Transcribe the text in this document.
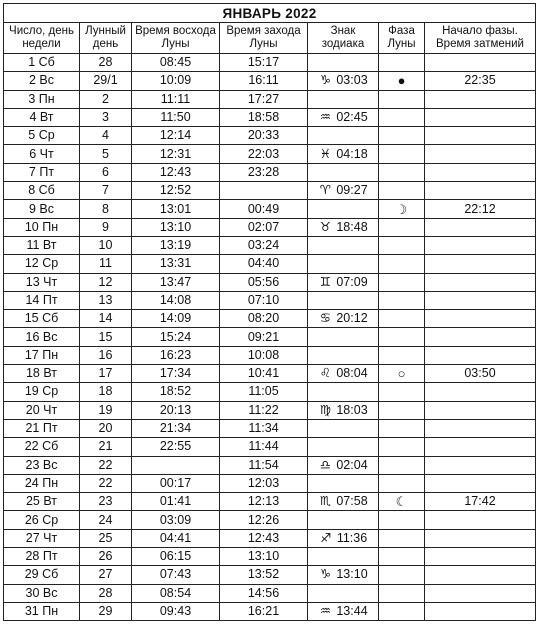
ЯНВАРЬ 2022						
Число, день недели	Лунный день	Время восхода Луны	Время захода Луны	Знак зодиака	Фаза Луны	Начало фазы. Время затмений
1 Сб	28	08:45	15:17			
2 Вс	29/1	10:09	16:11	♑ 03:03	●	22:35
3 Пн	2	11:11	17:27			
4 Вт	3	11:50	18:58	♒ 02:45		
5 Ср	4	12:14	20:33			
6 Чт	5	12:31	22:03	♓ 04:18		
7 Пт	6	12:43	23:28			
8 Сб	7	12:52		♈ 09:27		
9 Вс	8	13:01	00:49		☽	22:12
10 Пн	9	13:10	02:07	♉ 18:48		
11 Вт	10	13:19	03:24			
12 Ср	11	13:31	04:40			
13 Чт	12	13:47	05:56	♊ 07:09		
14 Пт	13	14:08	07:10			
15 Сб	14	14:09	08:20	♋ 20:12		
16 Вс	15	15:24	09:21			
17 Пн	16	16:23	10:08			
18 Вт	17	17:34	10:41	♌ 08:04	○	03:50
19 Ср	18	18:52	11:05			
20 Чт	19	20:13	11:22	♍ 18:03		
21 Пт	20	21:34	11:34			
22 Сб	21	22:55	11:44			
23 Вс	22		11:54	♎ 02:04		
24 Пн	22	00:17	12:03			
25 Вт	23	01:41	12:13	♏ 07:58	☾	17:42
26 Ср	24	03:09	12:26			
27 Чт	25	04:41	12:43	♐ 11:36		
28 Пт	26	06:15	13:10			
29 Сб	27	07:43	13:52	♑ 13:10		
30 Вс	28	08:54	14:56			
31 Пн	29	09:43	16:21	♒ 13:44		
